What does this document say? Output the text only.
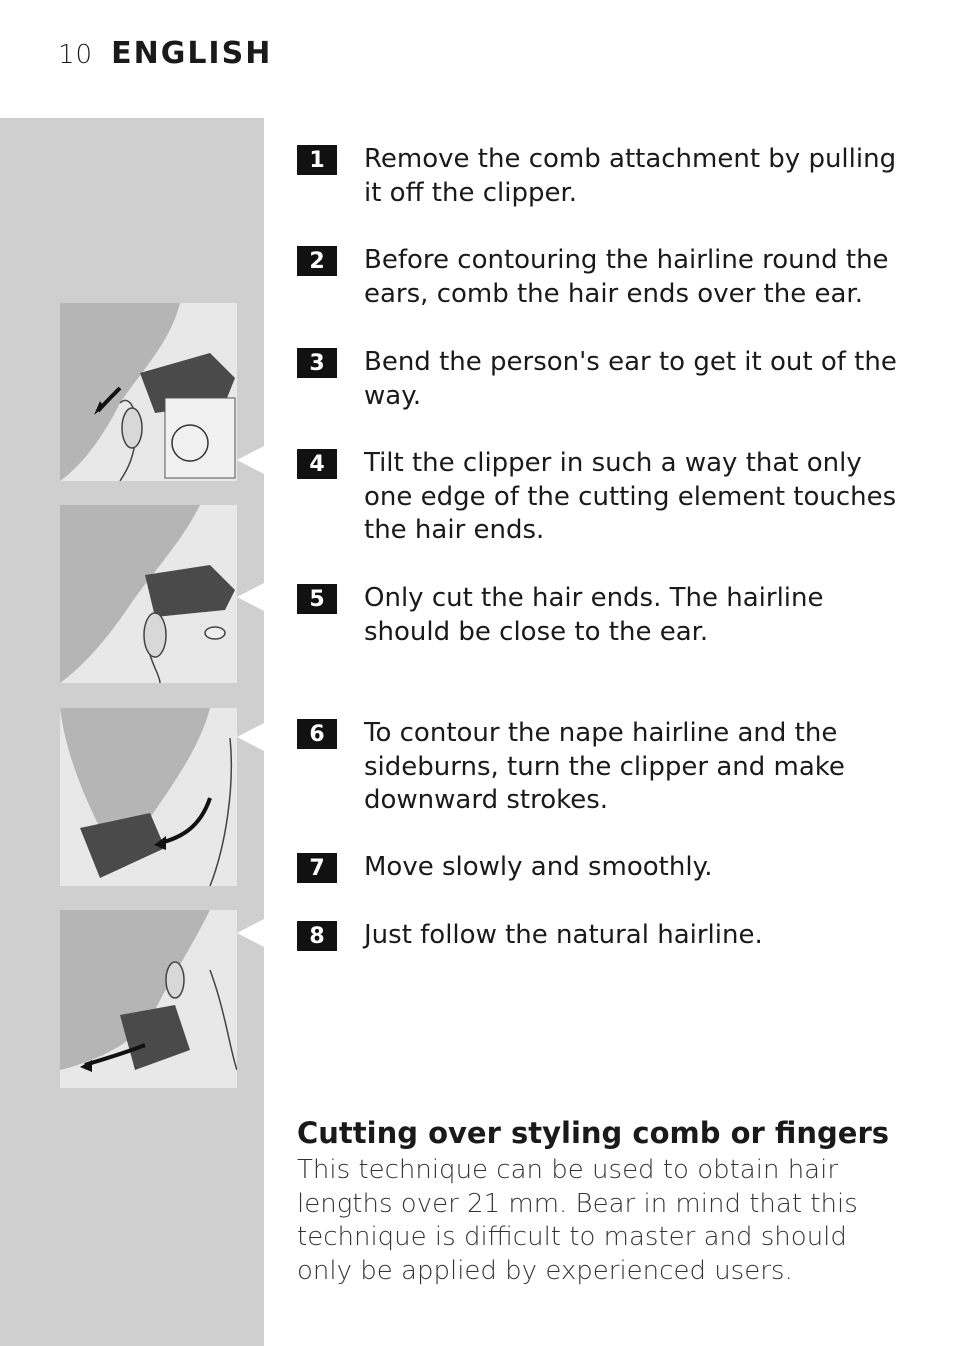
10 ENGLISH
1	Remove the comb attachment by pulling it off the clipper.
2	Before contouring the hairline round the ears, comb the hair ends over the ear.
3	Bend the person's ear to get it out of the way.
4	Tilt the clipper in such a way that only one edge of the cutting element touches the hair ends.
5	Only cut the hair ends. The hairline should be close to the ear.
6	To contour the nape hairline and the sideburns, turn the clipper and make downward strokes.
7	Move slowly and smoothly.
8	Just follow the natural hairline.
Cutting over styling comb or fingers
This technique can be used to obtain hair lengths over 21 mm. Bear in mind that this technique is difficult to master and should only be applied by experienced users.
